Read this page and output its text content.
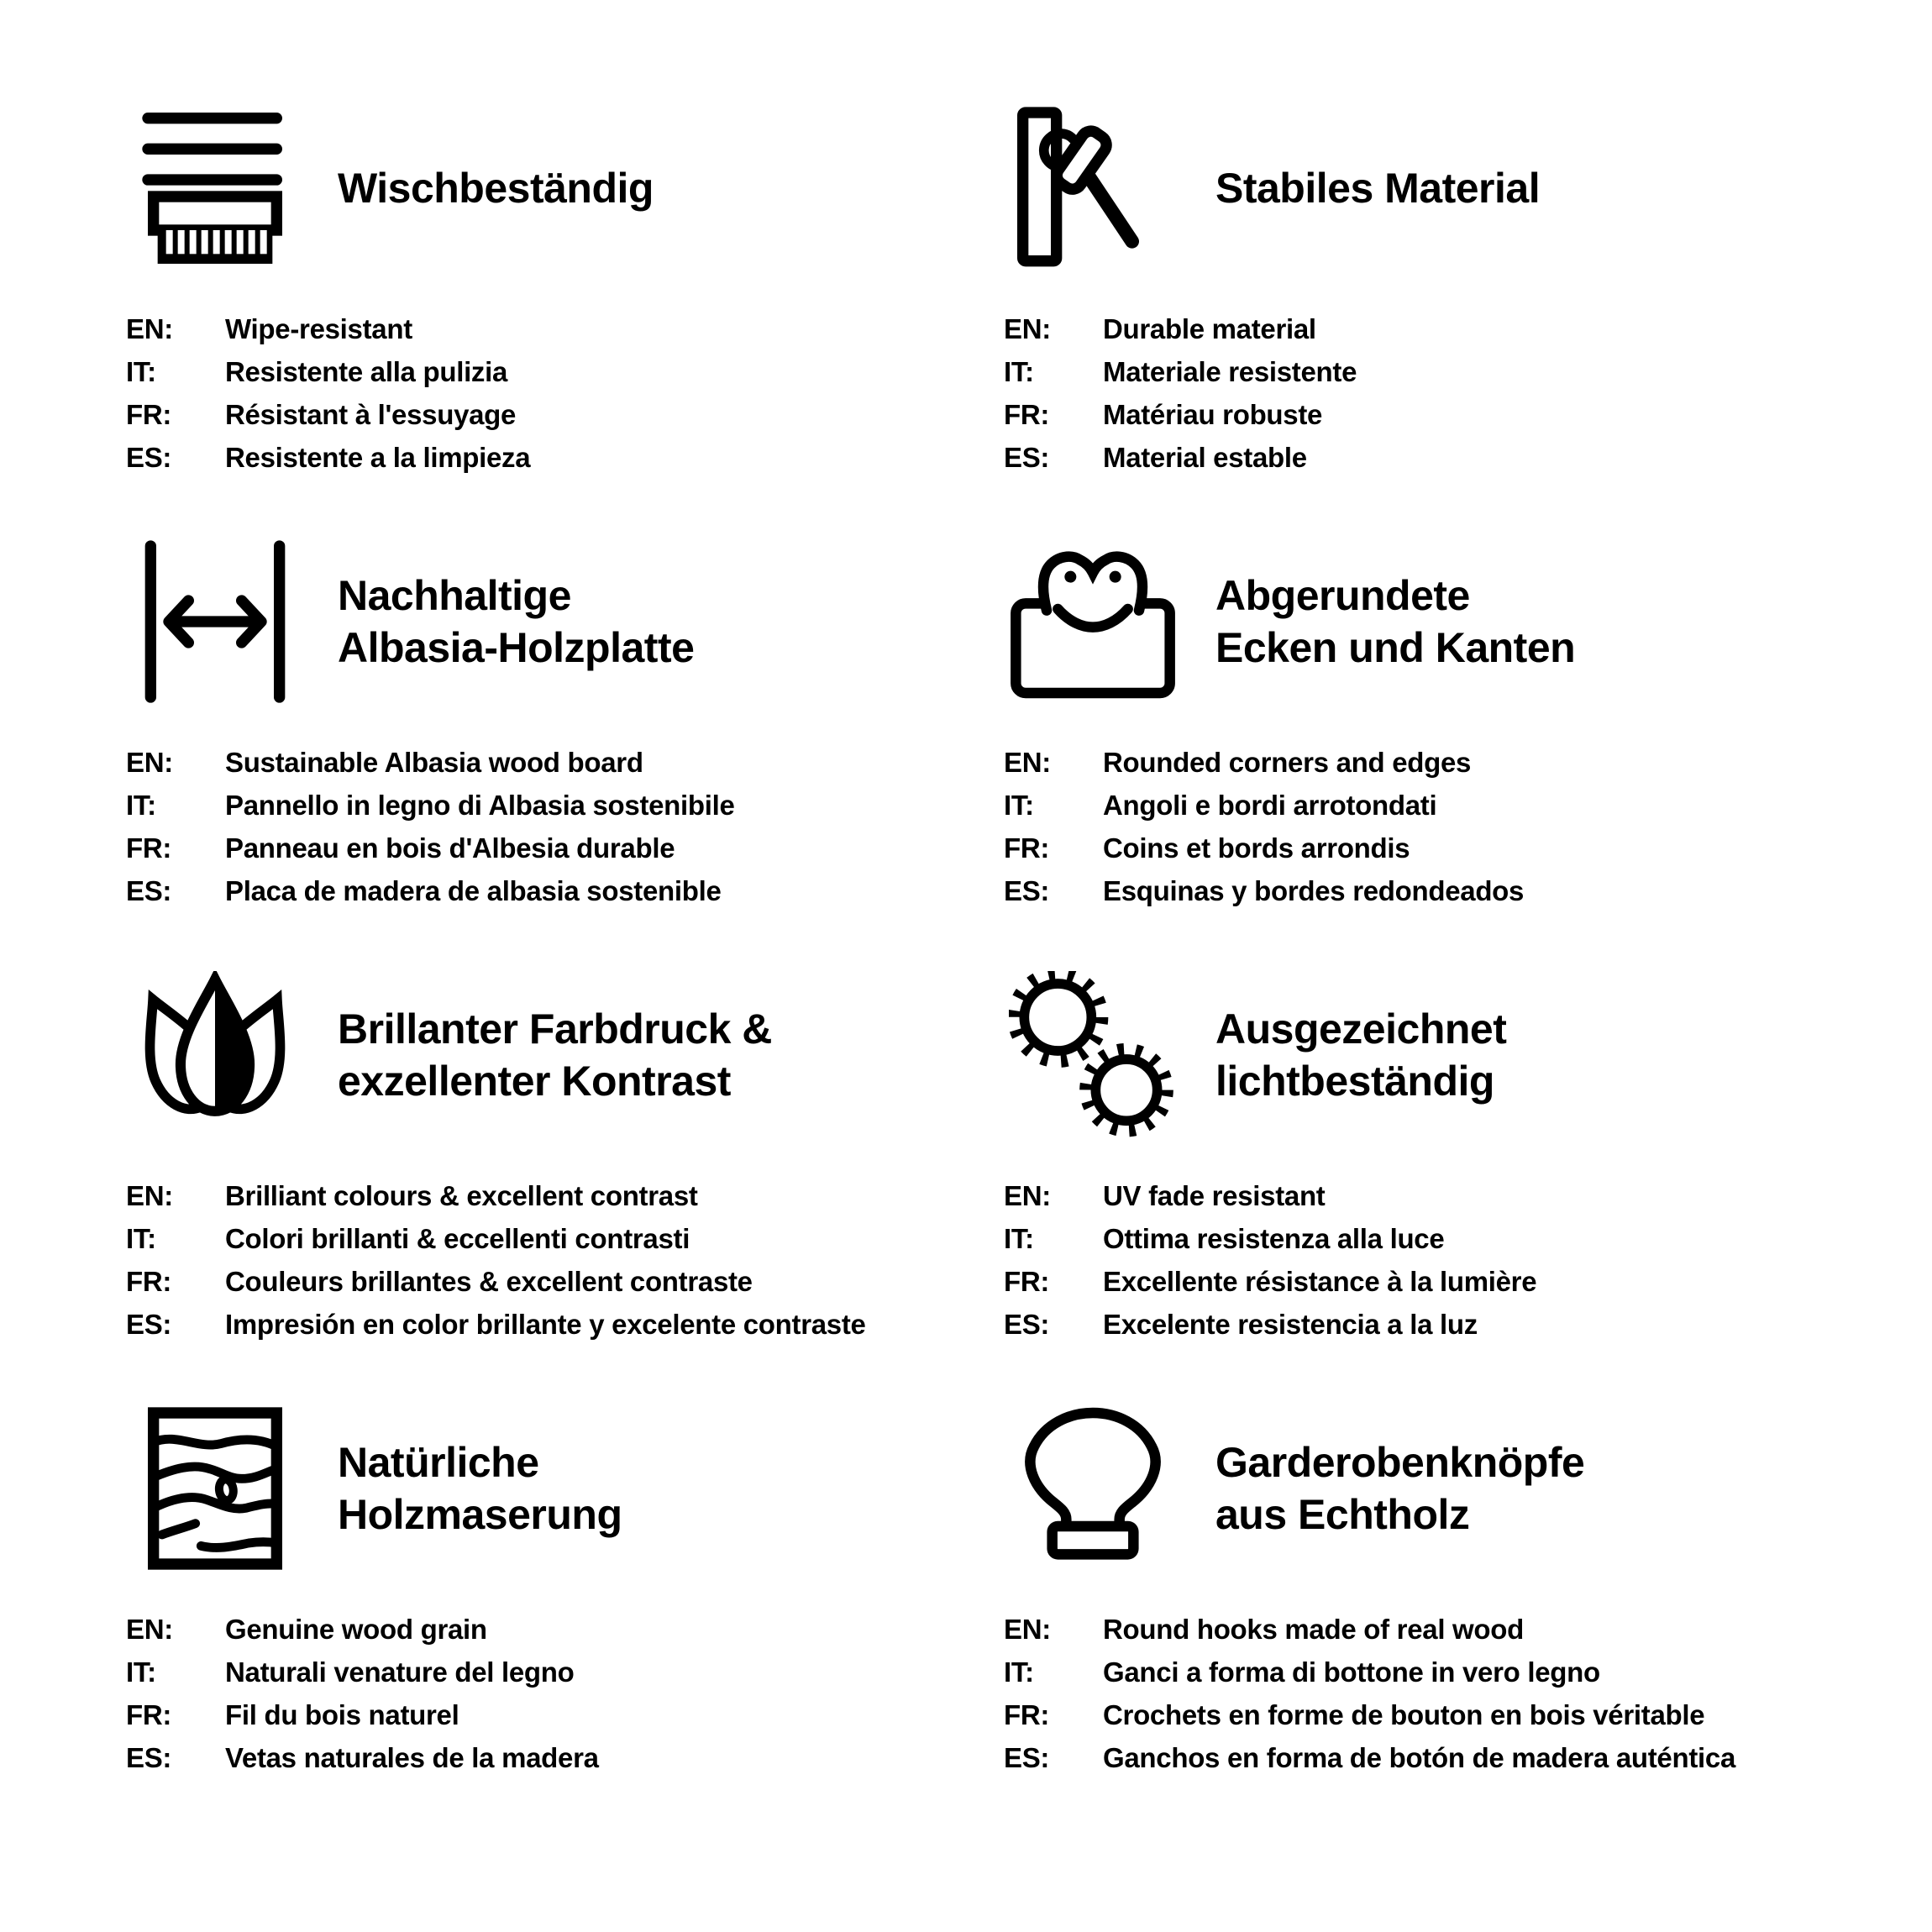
Wischbeständig
EN:	Wipe-resistant
IT:	Resistente alla pulizia
FR:	Résistant à l'essuyage
ES:	Resistente a la limpieza
Stabiles Material
EN:	Durable material
IT:	Materiale resistente
FR:	Matériau robuste
ES:	Material estable
Nachhaltige
Albasia-Holzplatte
EN:	Sustainable Albasia wood board
IT:	Pannello in legno di Albasia sostenibile
FR:	Panneau en bois d'Albesia durable
ES:	Placa de madera de albasia sostenible
Abgerundete
Ecken und Kanten
EN:	Rounded corners and edges
IT:	Angoli e bordi arrotondati
FR:	Coins et bords arrondis
ES:	Esquinas y bordes redondeados
Brillanter Farbdruck &
exzellenter Kontrast
EN:	Brilliant colours & excellent contrast
IT:	Colori brillanti & eccellenti contrasti
FR:	Couleurs brillantes & excellent contraste
ES:	Impresión en color brillante y excelente contraste
Ausgezeichnet
lichtbeständig
EN:	UV fade resistant
IT:	Ottima resistenza alla luce
FR:	Excellente résistance à la lumière
ES:	Excelente resistencia a la luz
Natürliche
Holzmaserung
EN:	Genuine wood grain
IT:	Naturali venature del legno
FR:	Fil du bois naturel
ES:	Vetas naturales de la madera
Garderobenknöpfe
aus Echtholz
EN:	Round hooks made of real wood
IT:	Ganci a forma di bottone in vero legno
FR:	Crochets en forme de bouton en bois véritable
ES:	Ganchos en forma de botón de madera auténtica
